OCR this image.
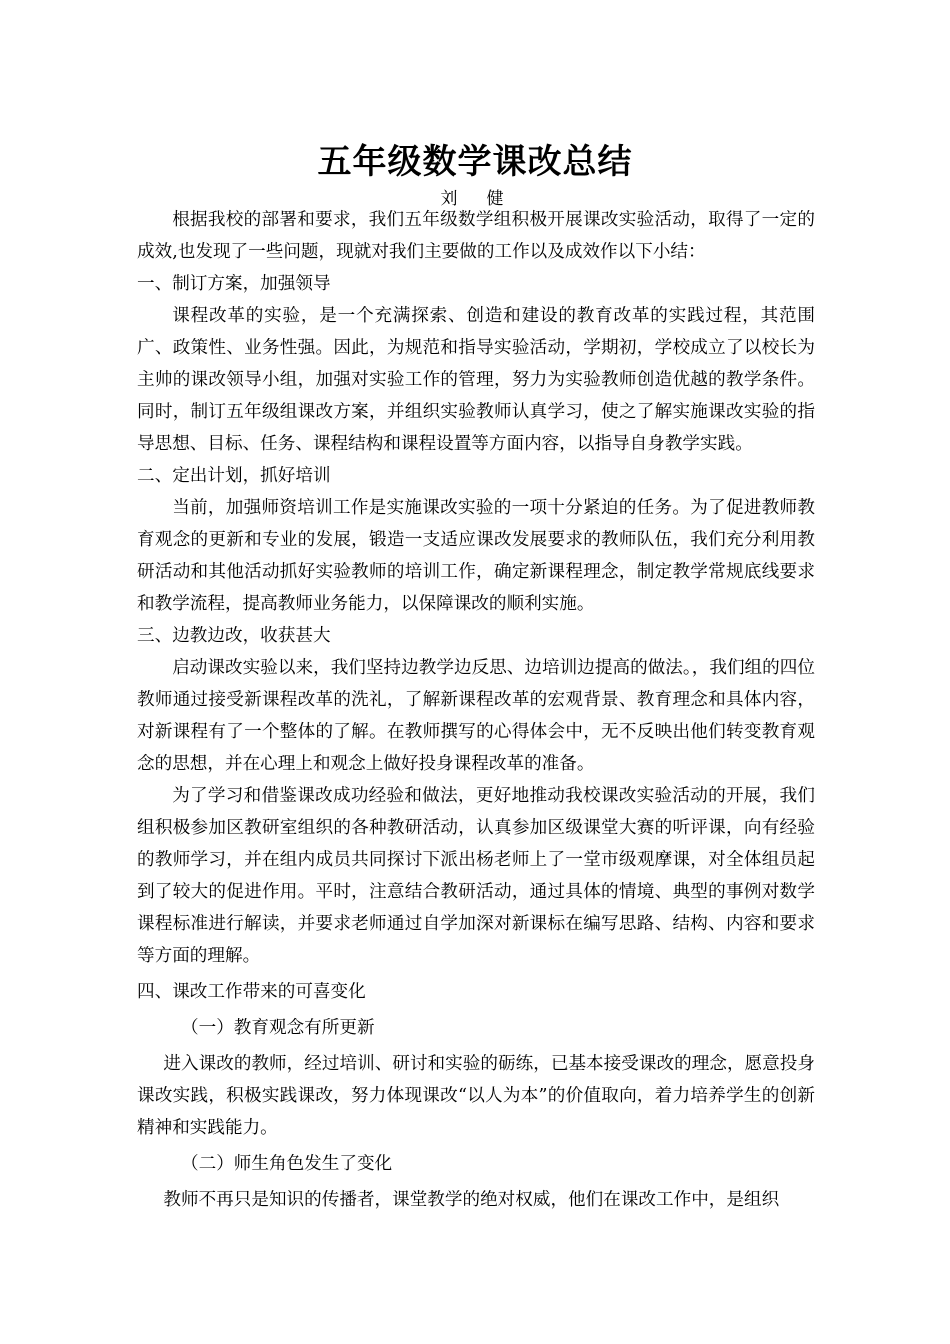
五年级数学课改总结
刘　健

根据我校的部署和要求，我们五年级数学组积极开展课改实验活动，取得了一定的成效,也发现了一些问题，现就对我们主要做的工作以及成效作以下小结：

一、制订方案，加强领导

课程改革的实验，是一个充满探索、创造和建设的教育改革的实践过程，其范围广、政策性、业务性强。因此，为规范和指导实验活动，学期初，学校成立了以校长为主帅的课改领导小组，加强对实验工作的管理，努力为实验教师创造优越的教学条件。同时，制订五年级组课改方案，并组织实验教师认真学习，使之了解实施课改实验的指导思想、目标、任务、课程结构和课程设置等方面内容，以指导自身教学实践。

二、定出计划，抓好培训

当前，加强师资培训工作是实施课改实验的一项十分紧迫的任务。为了促进教师教育观念的更新和专业的发展，锻造一支适应课改发展要求的教师队伍，我们充分利用教研活动和其他活动抓好实验教师的培训工作，确定新课程理念，制定教学常规底线要求和教学流程，提高教师业务能力，以保障课改的顺利实施。

三、边教边改，收获甚大

启动课改实验以来，我们坚持边教学边反思、边培训边提高的做法。，我们组的四位教师通过接受新课程改革的洗礼，了解新课程改革的宏观背景、教育理念和具体内容，对新课程有了一个整体的了解。在教师撰写的心得体会中，无不反映出他们转变教育观念的思想，并在心理上和观念上做好投身课程改革的准备。

为了学习和借鉴课改成功经验和做法，更好地推动我校课改实验活动的开展，我们组积极参加区教研室组织的各种教研活动，认真参加区级课堂大赛的听评课，向有经验的教师学习，并在组内成员共同探讨下派出杨老师上了一堂市级观摩课，对全体组员起到了较大的促进作用。平时，注意结合教研活动，通过具体的情境、典型的事例对数学课程标准进行解读，并要求老师通过自学加深对新课标在编写思路、结构、内容和要求等方面的理解。

四、课改工作带来的可喜变化

（一）教育观念有所更新

进入课改的教师，经过培训、研讨和实验的砺练，已基本接受课改的理念，愿意投身课改实践，积极实践课改，努力体现课改“以人为本”的价值取向，着力培养学生的创新精神和实践能力。

（二）师生角色发生了变化

教师不再只是知识的传播者，课堂教学的绝对权威，他们在课改工作中，是组织
